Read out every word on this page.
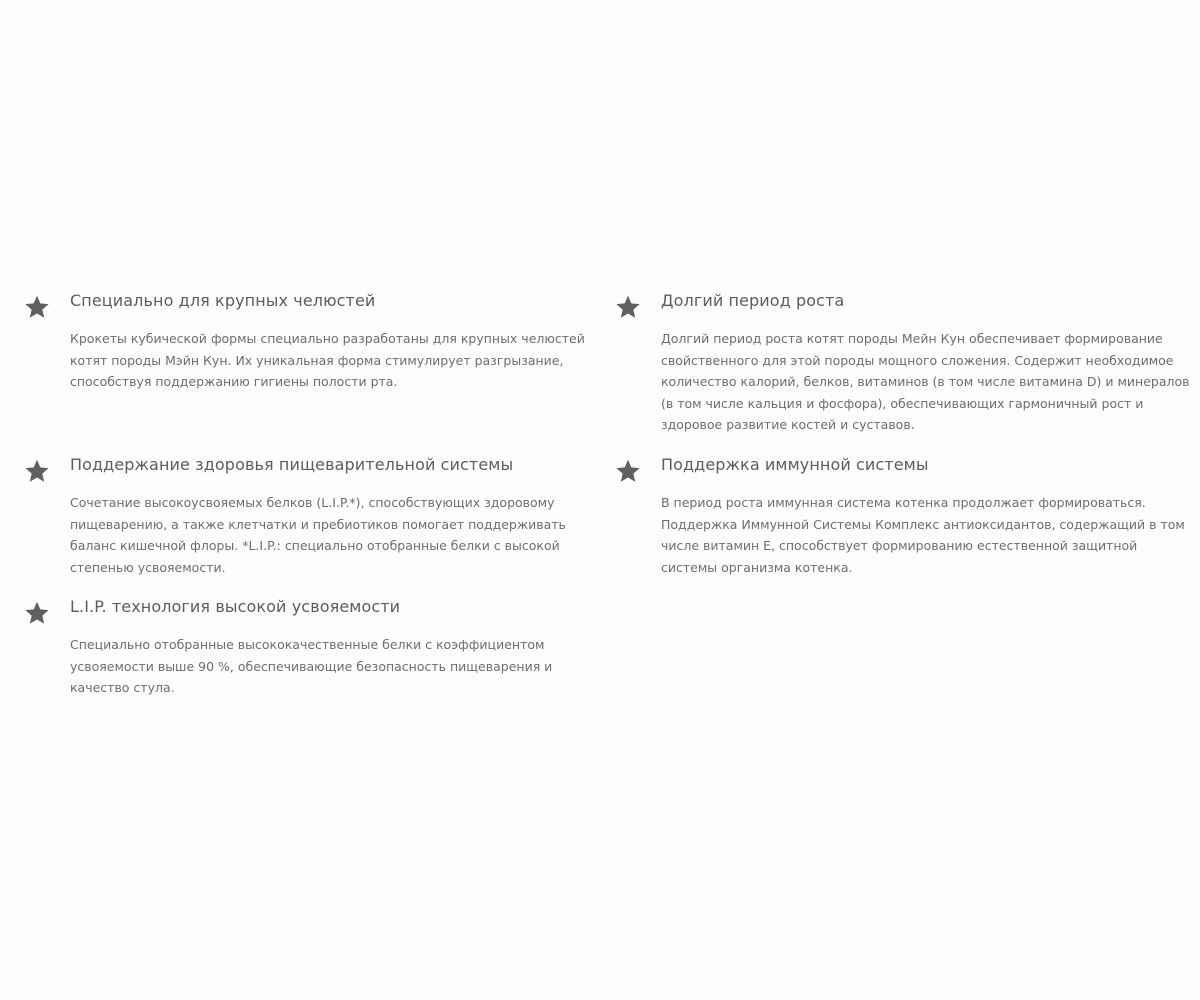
Специально для крупных челюстей

Крокеты кубической формы специально разработаны для крупных челюстей котят породы Мэйн Кун. Их уникальная форма стимулирует разгрызание, способствуя поддержанию гигиены полости рта.

Долгий период роста

Долгий период роста котят породы Мейн Кун обеспечивает формирование свойственного для этой породы мощного сложения. Содержит необходимое количество калорий, белков, витаминов (в том числе витамина D) и минералов (в том числе кальция и фосфора), обеспечивающих гармоничный рост и здоровое развитие костей и суставов.

Поддержание здоровья пищеварительной системы

Сочетание высокоусвояемых белков (L.I.P.*), способствующих здоровому пищеварению, а также клетчатки и пребиотиков помогает поддерживать баланс кишечной флоры. *L.I.P.: специально отобранные белки с высокой степенью усвояемости.

Поддержка иммунной системы

В период роста иммунная система котенка продолжает формироваться. Поддержка Иммунной Системы Комплекс антиоксидантов, содержащий в том числе витамин Е, способствует формированию естественной защитной системы организма котенка.

L.I.P. технология высокой усвояемости

Специально отобранные высококачественные белки с коэффициентом усвояемости выше 90 %, обеспечивающие безопасность пищеварения и качество стула.
